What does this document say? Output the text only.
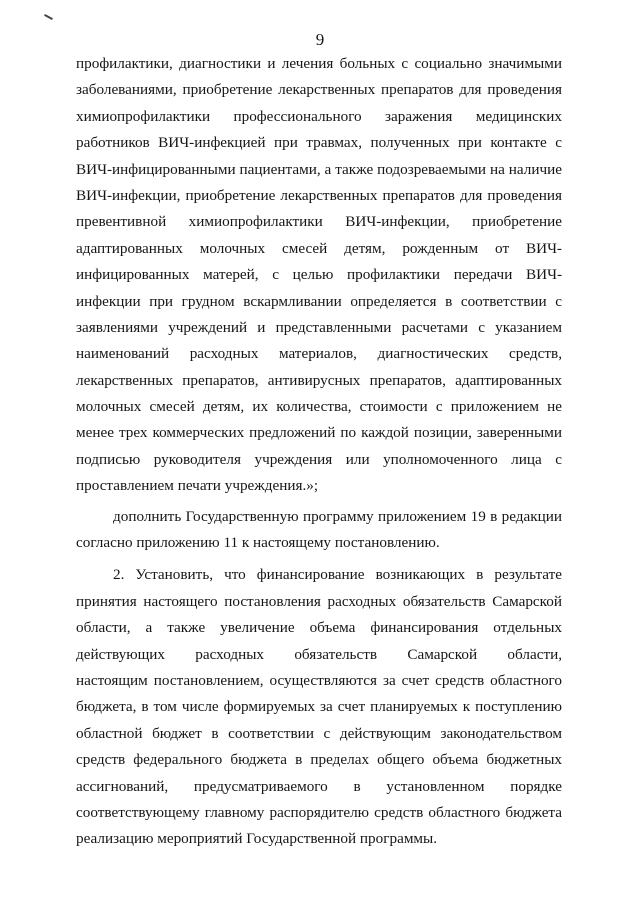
9
профилактики, диагностики и лечения больных с социально значимыми
заболеваниями, приобретение лекарственных препаратов для проведения
химиопрофилактики профессионального заражения медицинских
работников ВИЧ-инфекцией при травмах, полученных при контакте с
ВИЧ-инфицированными пациентами, а также подозреваемыми на наличие
ВИЧ-инфекции, приобретение лекарственных препаратов для проведения
превентивной химиопрофилактики ВИЧ-инфекции, приобретение
адаптированных молочных смесей детям, рожденным от ВИЧ-
инфицированных матерей, с целью профилактики передачи ВИЧ-
инфекции при грудном вскармливании определяется в соответствии с
заявлениями учреждений и представленными расчетами с указанием
наименований расходных материалов, диагностических средств,
лекарственных препаратов, антивирусных препаратов, адаптированных
молочных смесей детям, их количества, стоимости с приложением не
менее трех коммерческих предложений по каждой позиции, заверенными
подписью руководителя учреждения или уполномоченного лица с
проставлением печати учреждения.»;
дополнить Государственную программу приложением 19 в редакции
согласно приложению 11 к настоящему постановлению.
2. Установить, что финансирование возникающих в результате
принятия настоящего постановления расходных обязательств Самарской
области, а также увеличение объема финансирования отдельных
действующих расходных обязательств Самарской области,
настоящим постановлением, осуществляются за счет средств областного
бюджета, в том числе формируемых за счет планируемых к поступлению
областной бюджет в соответствии с действующим законодательством
средств федерального бюджета в пределах общего объема бюджетных
ассигнований, предусматриваемого в установленном порядке
соответствующему главному распорядителю средств областного бюджета
реализацию мероприятий Государственной программы.
